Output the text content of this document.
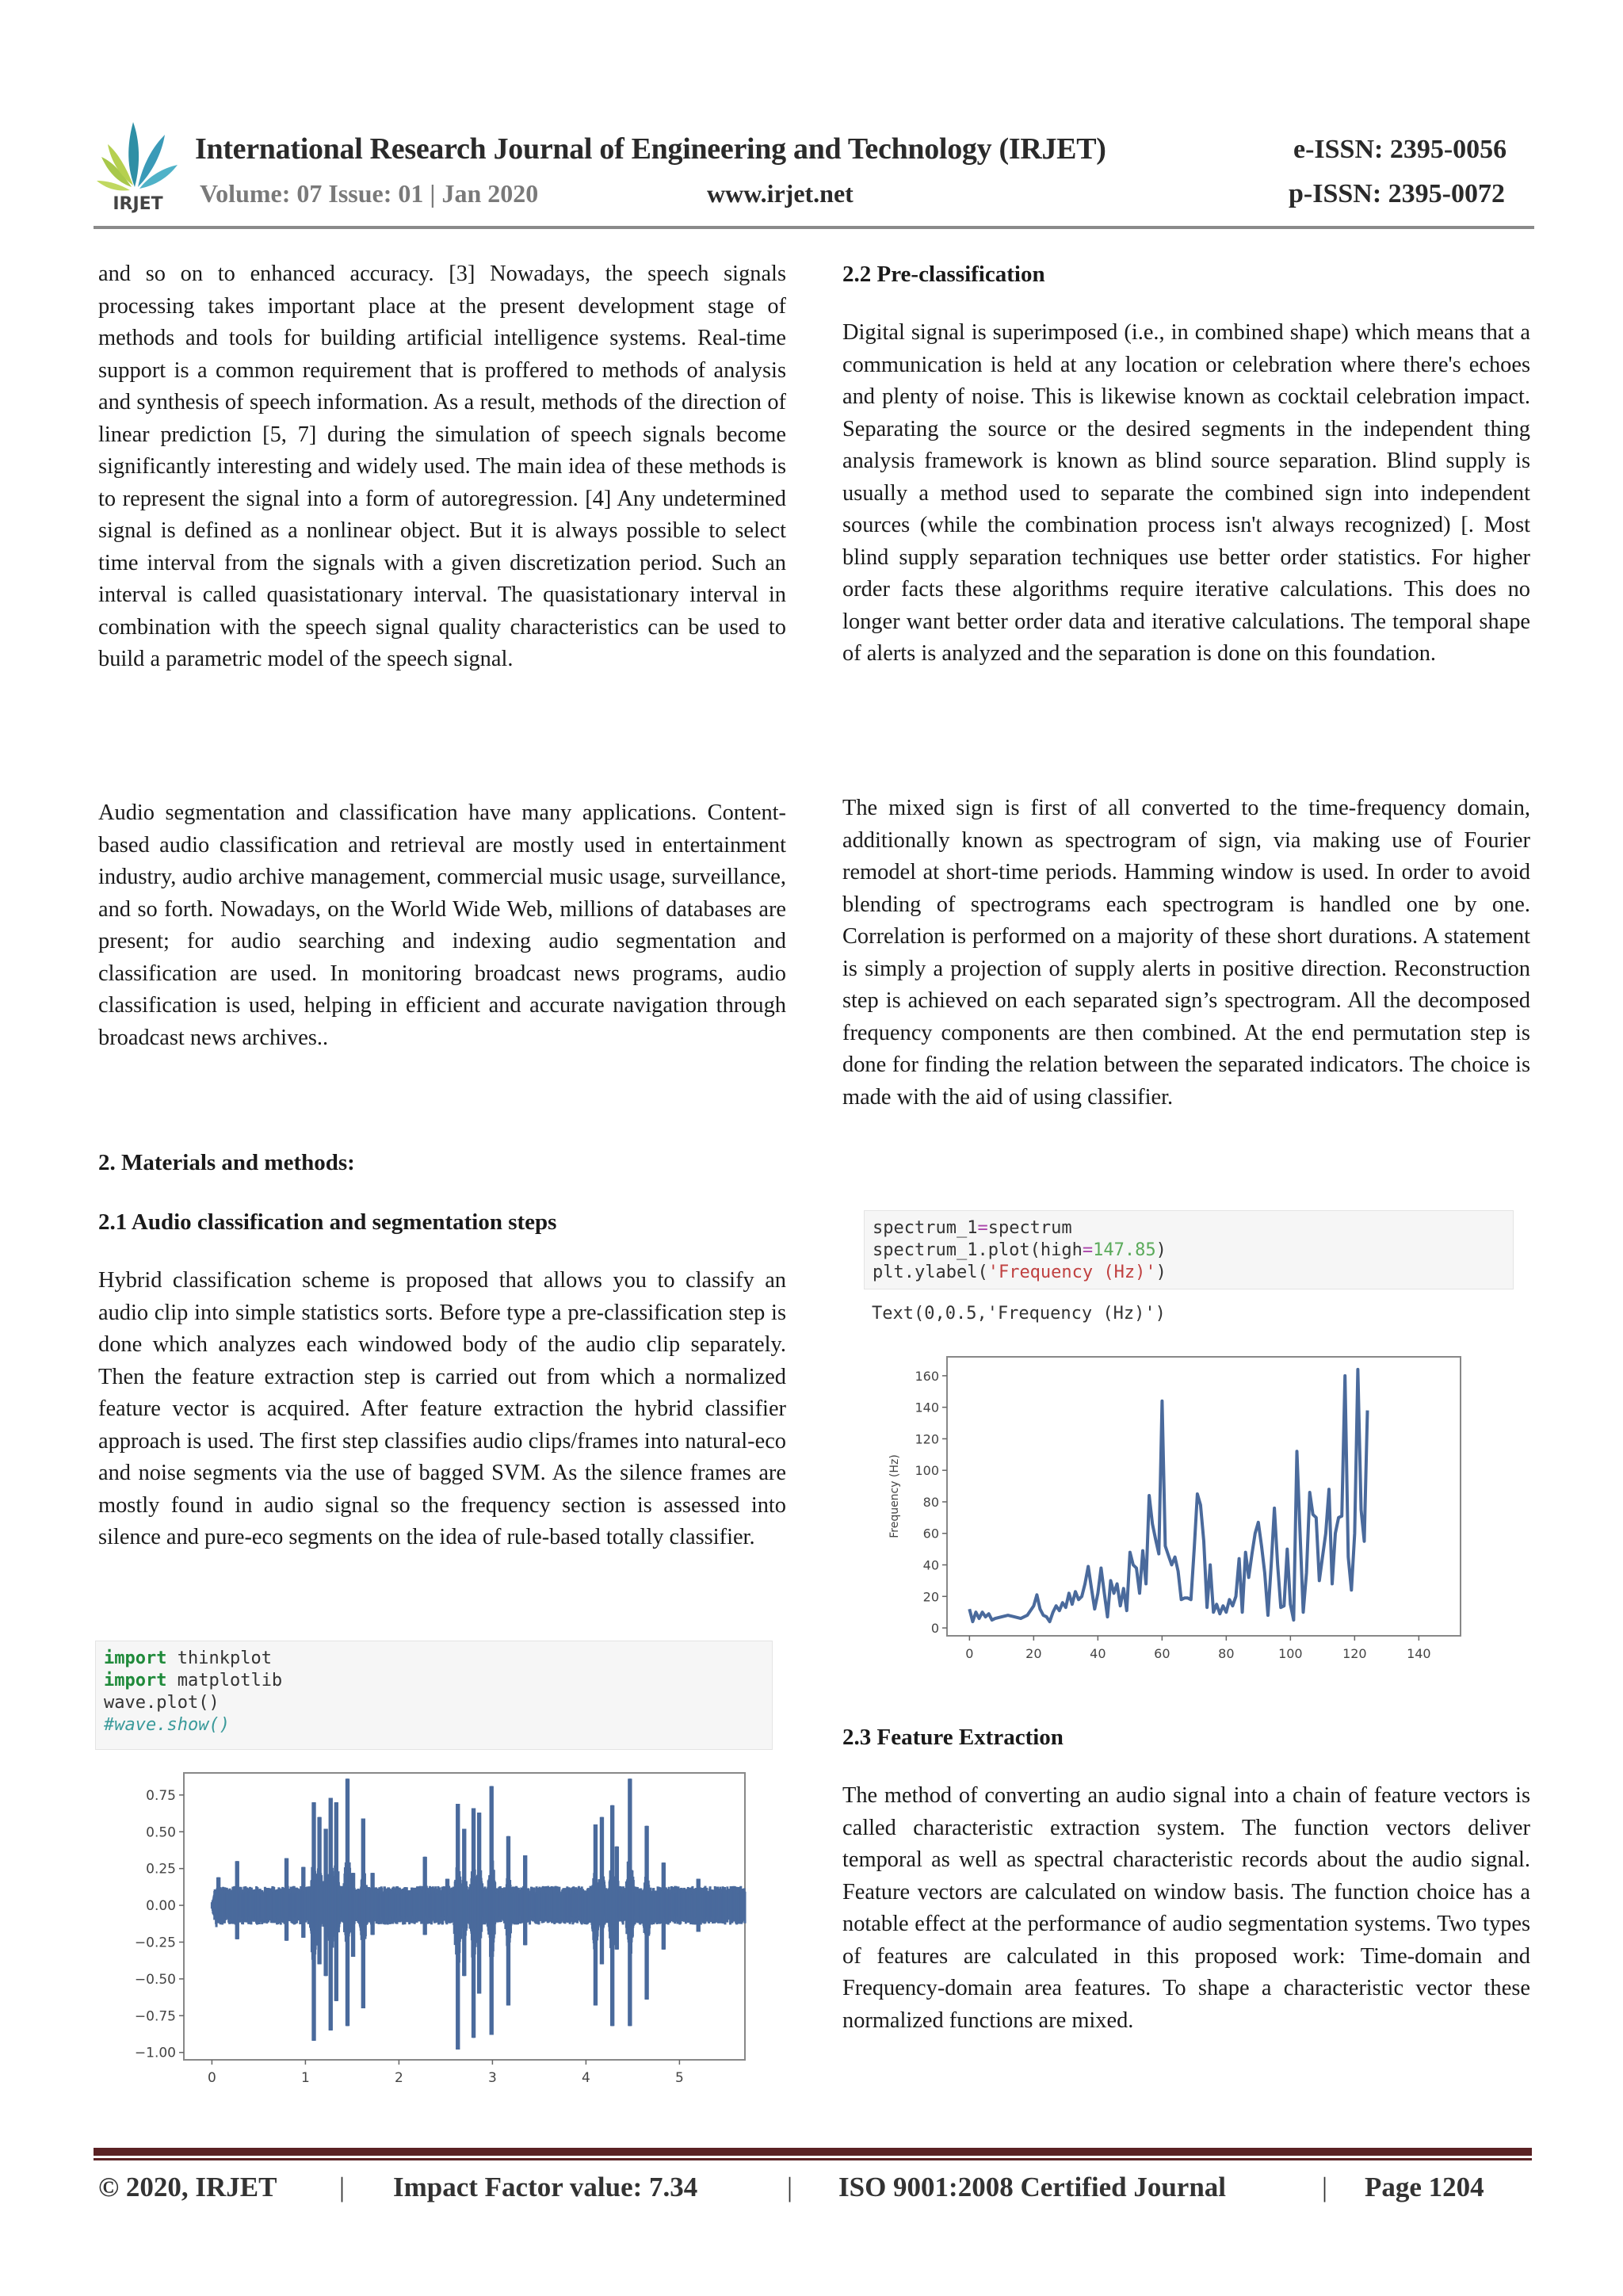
IRJET
International Research Journal of Engineering and Technology (IRJET)	e-ISSN: 2395-0056
Volume: 07 Issue: 01 | Jan 2020	www.irjet.net	p-ISSN: 2395-0072

and so on to enhanced accuracy. [3] Nowadays, the speech signals processing takes important place at the present development stage of methods and tools for building artificial intelligence systems. Real-time support is a common requirement that is proffered to methods of analysis and synthesis of speech information. As a result, methods of the direction of linear prediction [5, 7] during the simulation of speech signals become significantly interesting and widely used. The main idea of these methods is to represent the signal into a form of autoregression. [4] Any undetermined signal is defined as a nonlinear object. But it is always possible to select time interval from the signals with a given discretization period. Such an interval is called quasistationary interval. The quasistationary interval in combination with the speech signal quality characteristics can be used to build a parametric model of the speech signal.

Audio segmentation and classification have many applications. Content-based audio classification and retrieval are mostly used in entertainment industry, audio archive management, commercial music usage, surveillance, and so forth. Nowadays, on the World Wide Web, millions of databases are present; for audio searching and indexing audio segmentation and classification are used. In monitoring broadcast news programs, audio classification is used, helping in efficient and accurate navigation through broadcast news archives..

2. Materials and methods:
2.1 Audio classification and segmentation steps

Hybrid classification scheme is proposed that allows you to classify an audio clip into simple statistics sorts. Before type a pre-classification step is done which analyzes each windowed body of the audio clip separately. Then the feature extraction step is carried out from which a normalized feature vector is acquired. After feature extraction the hybrid classifier approach is used. The first step classifies audio clips/frames into natural-eco and noise segments via the use of bagged SVM. As the silence frames are mostly found in audio signal so the frequency section is assessed into silence and pure-eco segments on the idea of rule-based totally classifier.

import thinkplot
import matplotlib
wave.plot()
#wave.show()
0	1	2	3	4	5
0.75
0.50
0.25
0.00
−0.25
−0.50
−0.75
−1.00
2.2 Pre-classification

Digital signal is superimposed (i.e., in combined shape) which means that a communication is held at any location or celebration where there's echoes and plenty of noise. This is likewise known as cocktail celebration impact. Separating the source or the desired segments in the independent thing analysis framework is known as blind source separation. Blind supply is usually a method used to separate the combined sign into independent sources (while the combination process isn't always recognized) [. Most blind supply separation techniques use better order statistics. For higher order facts these algorithms require iterative calculations. This does no longer want better order data and iterative calculations. The temporal shape of alerts is analyzed and the separation is done on this foundation.

The mixed sign is first of all converted to the time-frequency domain, additionally known as spectrogram of sign, via making use of Fourier remodel at short-time periods. Hamming window is used. In order to avoid blending of spectrograms each spectrogram is handled one by one. Correlation is performed on a majority of these short durations. A statement is simply a projection of supply alerts in positive direction. Reconstruction step is achieved on each separated sign’s spectrogram. All the decomposed frequency components are then combined. At the end permutation step is done for finding the relation between the separated indicators. The choice is made with the aid of using classifier.

spectrum_1=spectrum
spectrum_1.plot(high=147.85)
plt.ylabel('Frequency (Hz)')
Text(0,0.5,'Frequency (Hz)')
0	20	40	60	80	100	120	140
0
20
40
60
80
100
120
140
160
Frequency (Hz)
2.3 Feature Extraction

The method of converting an audio signal into a chain of feature vectors is called characteristic extraction system. The function vectors deliver temporal as well as spectral characteristic records about the audio signal. Feature vectors are calculated on window basis. The function choice has a notable effect at the performance of audio segmentation systems. Two types of features are calculated in this proposed work: Time-domain and Frequency-domain area features. To shape a characteristic vector these normalized functions are mixed.

© 2020, IRJET | Impact Factor value: 7.34	| ISO 9001:2008 Certified Journal	| Page 1204
